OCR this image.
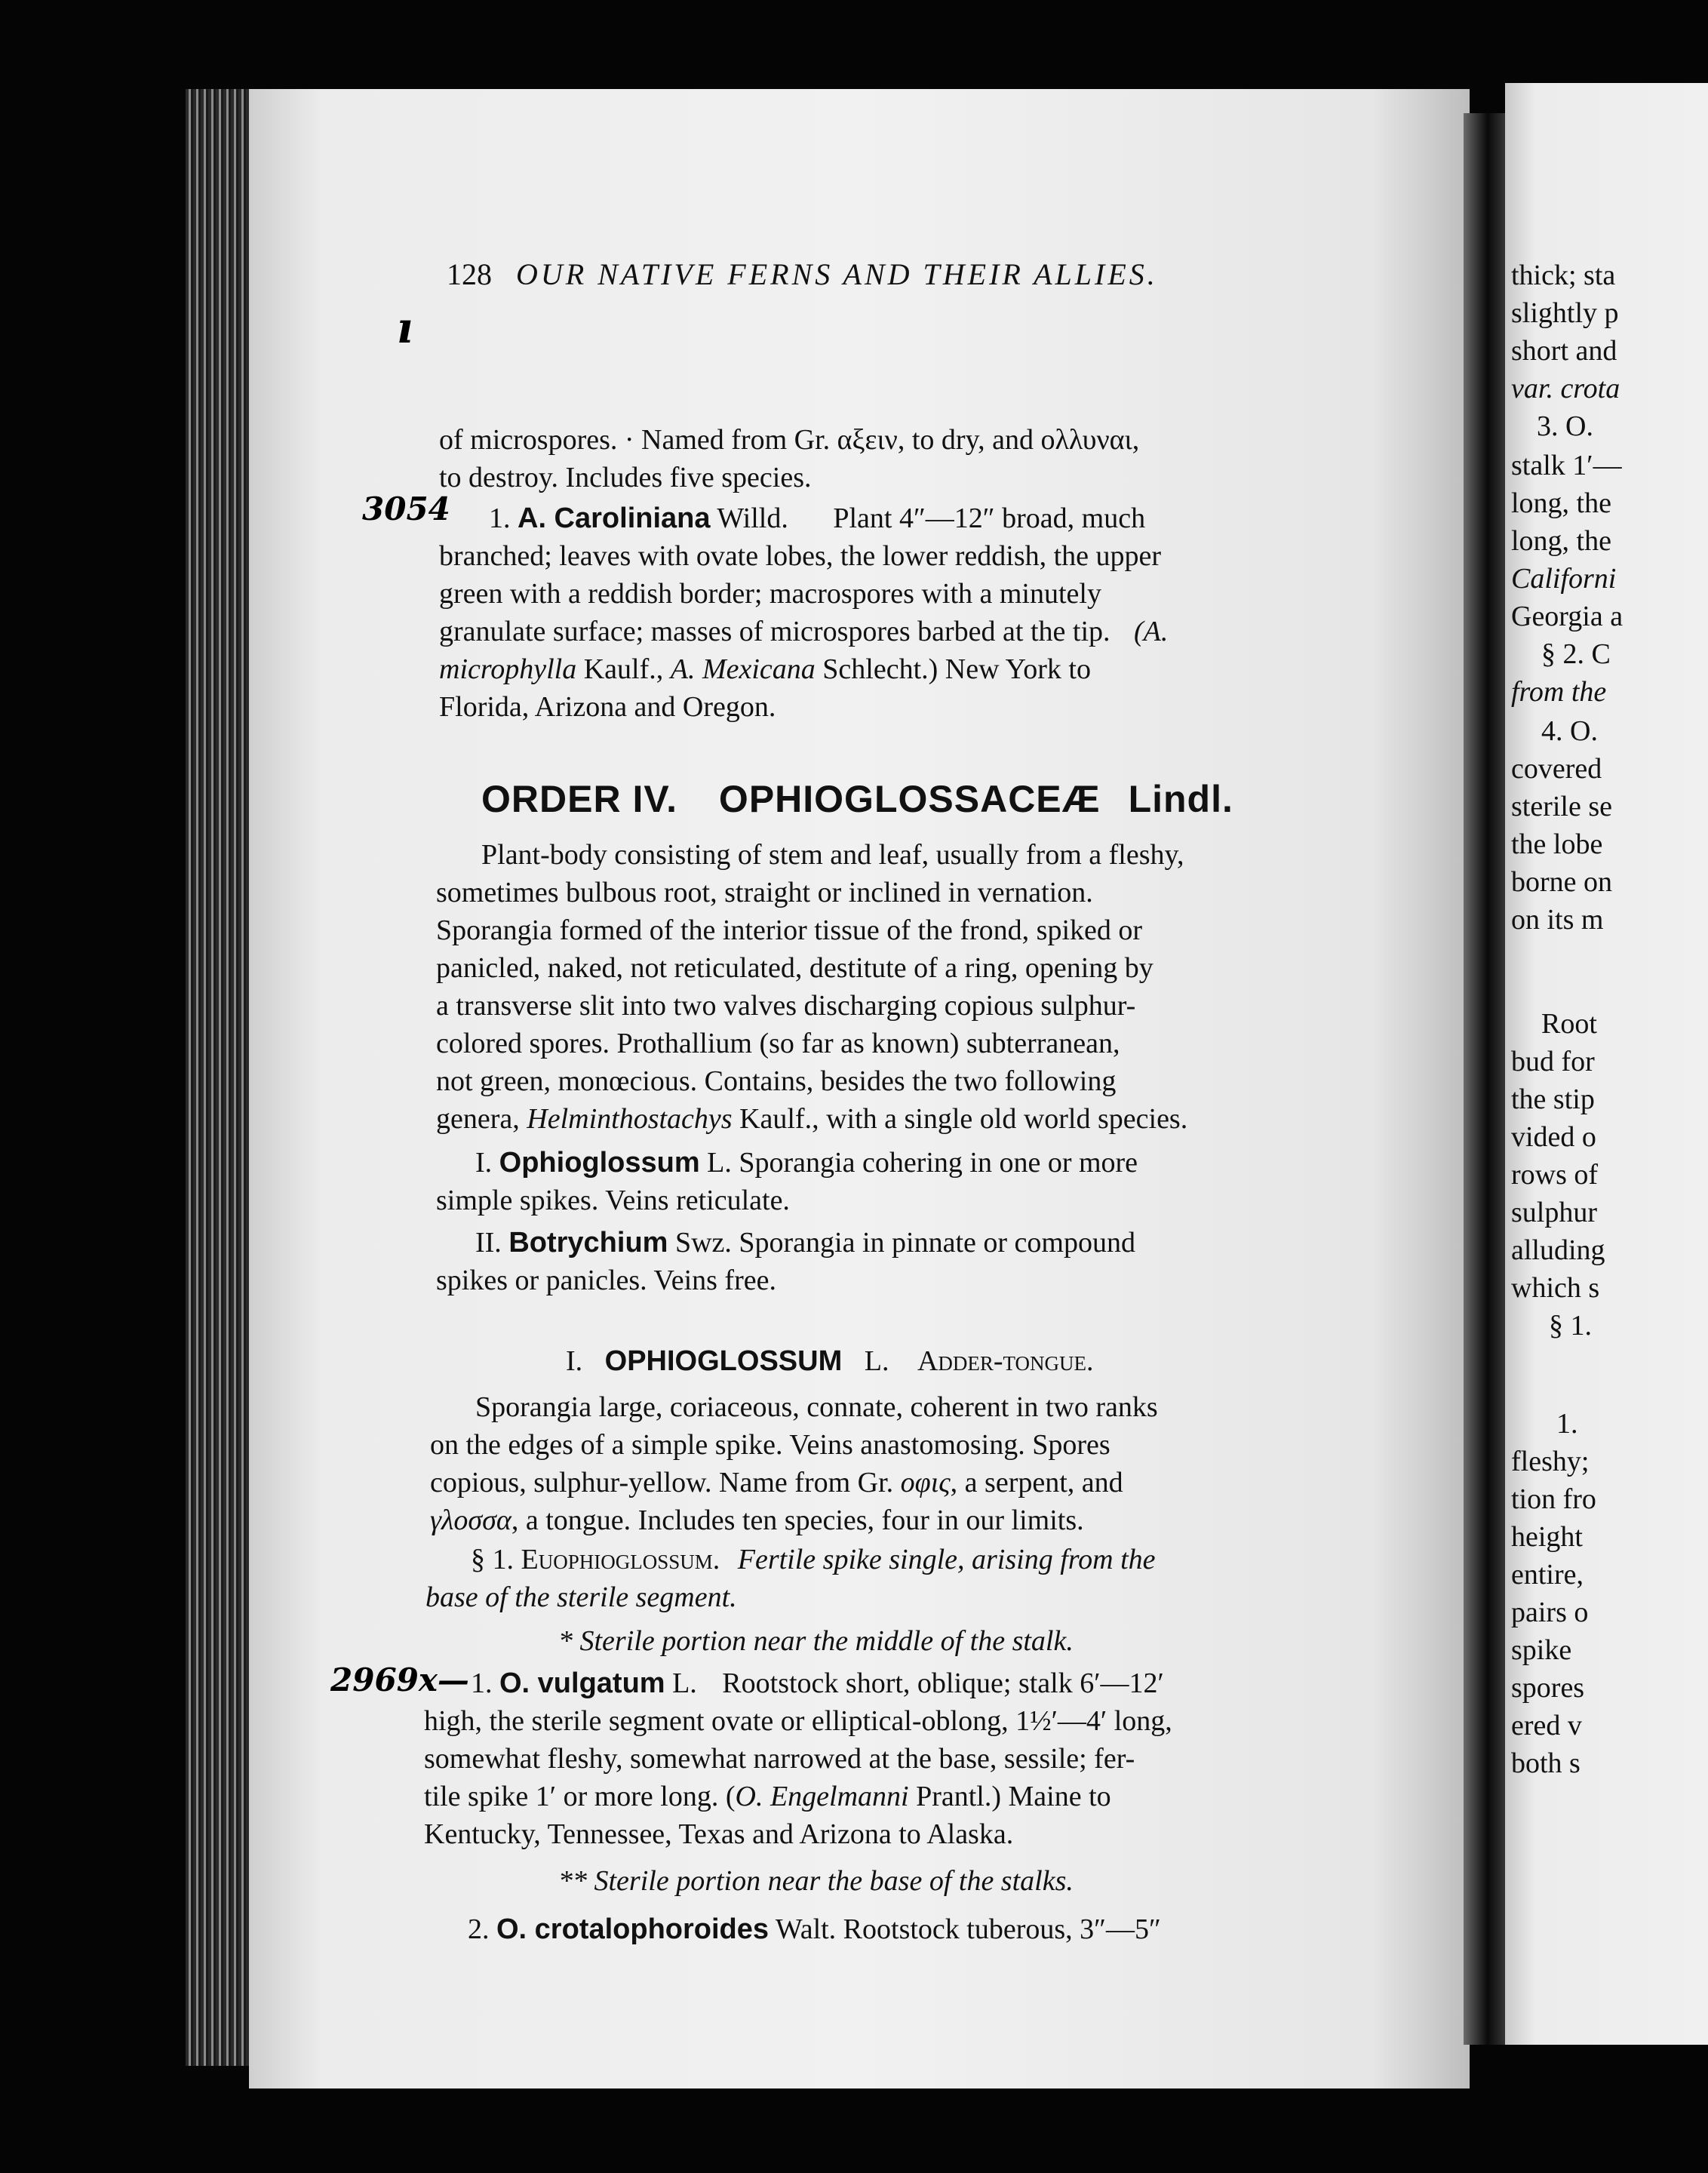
128 OUR NATIVE FERNS AND THEIR ALLIES.
ı
of microspores. · Named from Gr. αξειν, to dry, and ολλυναι,
to destroy. Includes five species.
3054 1. A. Caroliniana Willd. Plant 4″—12″ broad, much
branched; leaves with ovate lobes, the lower reddish, the upper
green with a reddish border; macrospores with a minutely
granulate surface; masses of microspores barbed at the tip. (A.
microphylla Kaulf., A. Mexicana Schlecht.) New York to
Florida, Arizona and Oregon.
ORDER IV. OPHIOGLOSSACEÆ Lindl.
Plant-body consisting of stem and leaf, usually from a fleshy,
sometimes bulbous root, straight or inclined in vernation.
Sporangia formed of the interior tissue of the frond, spiked or
panicled, naked, not reticulated, destitute of a ring, opening by
a transverse slit into two valves discharging copious sulphur-
colored spores. Prothallium (so far as known) subterranean,
not green, monœcious. Contains, besides the two following
genera, Helminthostachys Kaulf., with a single old world species.
I. Ophioglossum L. Sporangia cohering in one or more
simple spikes. Veins reticulate.
II. Botrychium Swz. Sporangia in pinnate or compound
spikes or panicles. Veins free.
I. OPHIOGLOSSUM L. Adder-tongue.
Sporangia large, coriaceous, connate, coherent in two ranks
on the edges of a simple spike. Veins anastomosing. Spores
copious, sulphur-yellow. Name from Gr. οφις, a serpent, and
γλοσσα, a tongue. Includes ten species, four in our limits.
§ 1. Euophioglossum. Fertile spike single, arising from the
base of the sterile segment.
* Sterile portion near the middle of the stalk.
2969x— 1. O. vulgatum L. Rootstock short, oblique; stalk 6′—12′
high, the sterile segment ovate or elliptical-oblong, 1½′—4′ long,
somewhat fleshy, somewhat narrowed at the base, sessile; fer-
tile spike 1′ or more long. (O. Engelmanni Prantl.) Maine to
Kentucky, Tennessee, Texas and Arizona to Alaska.
** Sterile portion near the base of the stalks.
2. O. crotalophoroides Walt. Rootstock tuberous, 3″—5″
thick; sta
slightly p
short and
var. crota
3. O.
stalk 1′—
long, the
long, the
Californi
Georgia a
§ 2. C
from the
4. O.
covered
sterile se
the lobe
borne on
on its m
Root
bud for
the stip
vided o
rows of
sulphur
alluding
which s
§ 1.
1.
fleshy;
tion fro
height
entire,
pairs o
spike
spores
ered v
both s
